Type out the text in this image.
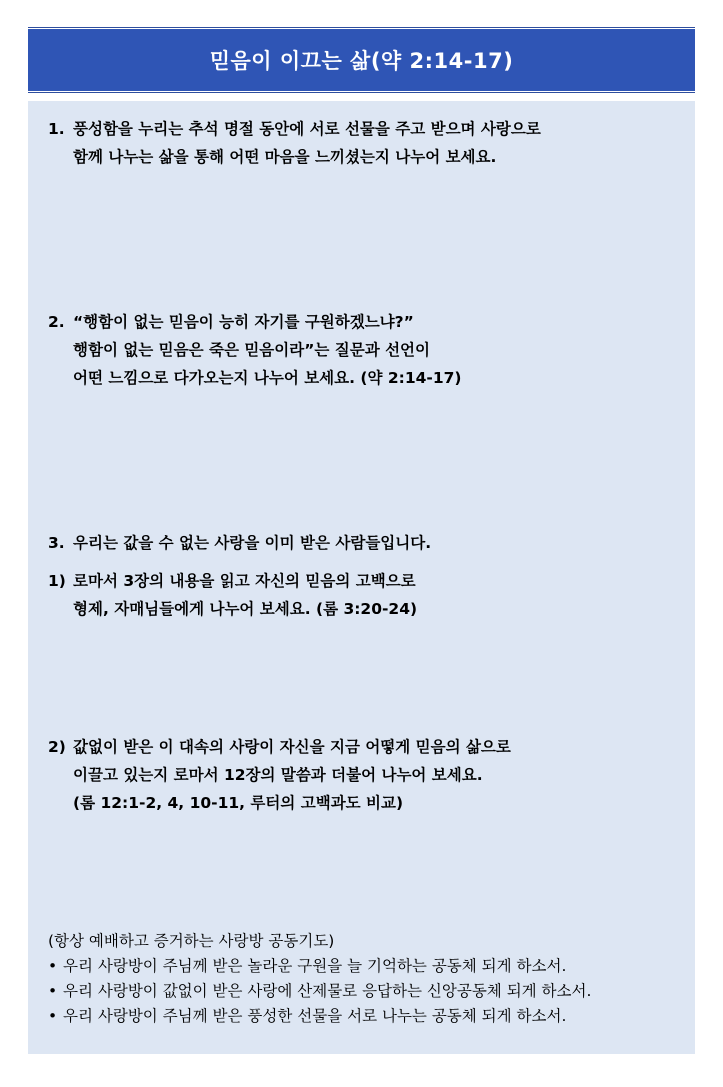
믿음이 이끄는 삶(약 2:14-17)
1. 풍성함을 누리는 추석 명절 동안에 서로 선물을 주고 받으며 사랑으로
함께 나누는 삶을 통해 어떤 마음을 느끼셨는지 나누어 보세요.
2. “행함이 없는 믿음이 능히 자기를 구원하겠느냐?”
행함이 없는 믿음은 죽은 믿음이라”는 질문과 선언이
어떤 느낌으로 다가오는지 나누어 보세요. (약 2:14-17)
3. 우리는 값을 수 없는 사랑을 이미 받은 사람들입니다.
1) 로마서 3장의 내용을 읽고 자신의 믿음의 고백으로
형제, 자매님들에게 나누어 보세요. (롬 3:20-24)
2) 값없이 받은 이 대속의 사랑이 자신을 지금 어떻게 믿음의 삶으로
이끌고 있는지 로마서 12장의 말씀과 더불어 나누어 보세요.
(롬 12:1-2, 4, 10-11, 루터의 고백과도 비교)
(항상 예배하고 증거하는 사랑방 공동기도)
• 우리 사랑방이 주님께 받은 놀라운 구원을 늘 기억하는 공동체 되게 하소서.
• 우리 사랑방이 값없이 받은 사랑에 산제물로 응답하는 신앙공동체 되게 하소서.
• 우리 사랑방이 주님께 받은 풍성한 선물을 서로 나누는 공동체 되게 하소서.
